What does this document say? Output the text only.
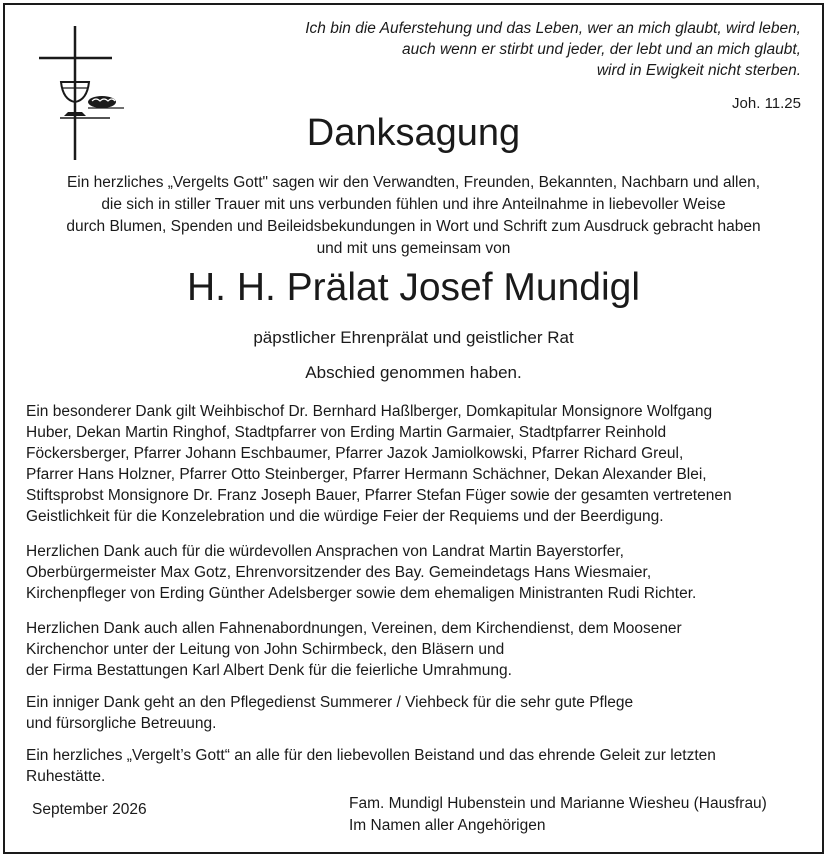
Ich bin die Auferstehung und das Leben, wer an mich glaubt, wird leben,
auch wenn er stirbt und jeder, der lebt und an mich glaubt,
wird in Ewigkeit nicht sterben.
Joh. 11.25
Danksagung
Ein herzliches „Vergelts Gott" sagen wir den Verwandten, Freunden, Bekannten, Nachbarn und allen,
die sich in stiller Trauer mit uns verbunden fühlen und ihre Anteilnahme in liebevoller Weise
durch Blumen, Spenden und Beileidsbekundungen in Wort und Schrift zum Ausdruck gebracht haben
und mit uns gemeinsam von
H. H. Prälat Josef Mundigl
päpstlicher Ehrenprälat und geistlicher Rat
Abschied genommen haben.
Ein besonderer Dank gilt Weihbischof Dr. Bernhard Haßlberger, Domkapitular Monsignore Wolfgang
Huber, Dekan Martin Ringhof, Stadtpfarrer von Erding Martin Garmaier, Stadtpfarrer Reinhold
Föckersberger, Pfarrer Johann Eschbaumer, Pfarrer Jazok Jamiolkowski, Pfarrer Richard Greul,
Pfarrer Hans Holzner, Pfarrer Otto Steinberger, Pfarrer Hermann Schächner, Dekan Alexander Blei,
Stiftsprobst Monsignore Dr. Franz Joseph Bauer, Pfarrer Stefan Füger sowie der gesamten vertretenen
Geistlichkeit für die Konzelebration und die würdige Feier der Requiems und der Beerdigung.
Herzlichen Dank auch für die würdevollen Ansprachen von Landrat Martin Bayerstorfer,
Oberbürgermeister Max Gotz, Ehrenvorsitzender des Bay. Gemeindetags Hans Wiesmaier,
Kirchenpfleger von Erding Günther Adelsberger sowie dem ehemaligen Ministranten Rudi Richter.
Herzlichen Dank auch allen Fahnenabordnungen, Vereinen, dem Kirchendienst, dem Moosener
Kirchenchor unter der Leitung von John Schirmbeck, den Bläsern und
der Firma Bestattungen Karl Albert Denk für die feierliche Umrahmung.
Ein inniger Dank geht an den Pflegedienst Summerer / Viehbeck für die sehr gute Pflege
und fürsorgliche Betreuung.
Ein herzliches „Vergelt’s Gott“ an alle für den liebevollen Beistand und das ehrende Geleit zur letzten
Ruhestätte.
September 2026	Fam. Mundigl Hubenstein und Marianne Wiesheu (Hausfrau)
Im Namen aller Angehörigen
